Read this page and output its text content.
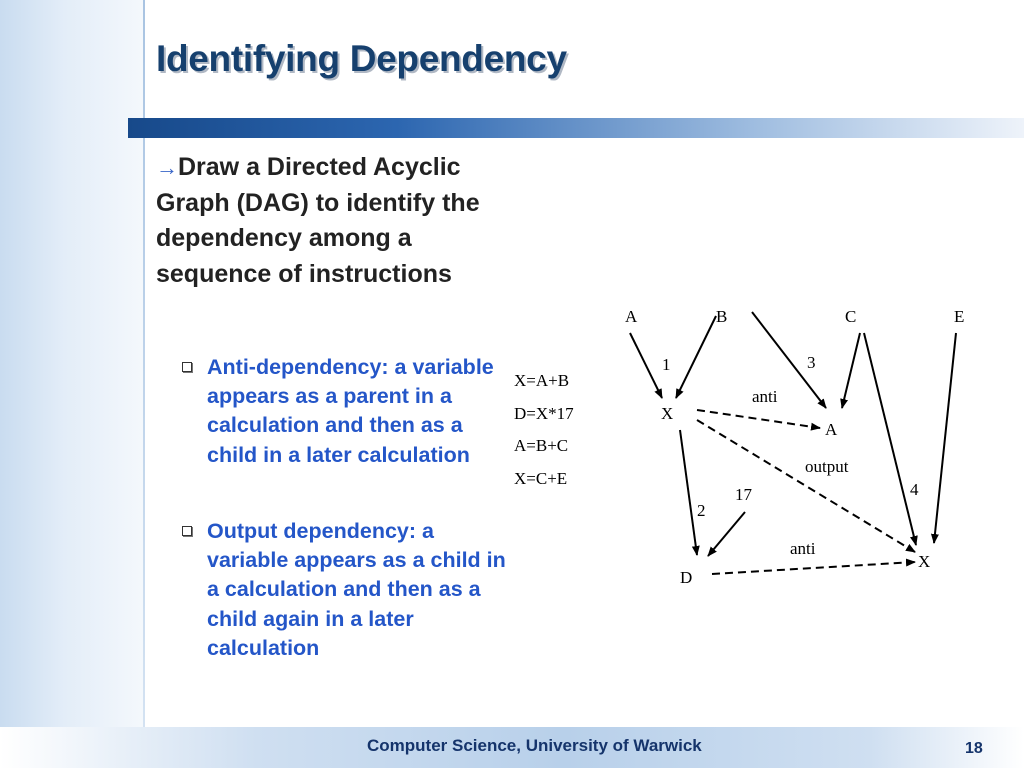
Identifying Dependency
→Draw a Directed Acyclic Graph (DAG) to identify the dependency among a sequence of instructions
Anti-dependency: a variable appears as a parent in a calculation and then as a child in a later calculation
Output dependency: a variable appears as a child in a calculation and then as a child again in a later calculation
X=A+B
D=X*17
A=B+C
X=C+E
A	B	C	E
X
A
D
X
1	3
anti
output
17
2
4
anti
Computer Science, University of Warwick	18
